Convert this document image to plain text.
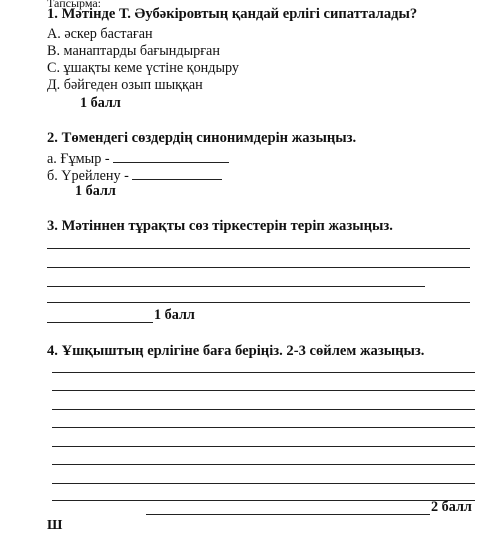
Тапсырма:
1. Мәтінде Т. Әубәкіровтың қандай ерлігі сипатталады?
А. әскер бастаған
В. манаптарды бағындырған
С. ұшақты кеме үстіне қондыру
Д. бәйгеден озып шыққан
1 балл
2. Төмендегі сөздердің синонимдерін жазыңыз.
а. Ғұмыр -
б. Үрейлену -
1 балл
3. Мәтіннен тұрақты сөз тіркестерін теріп жазыңыз.
1 балл
4. Ұшқыштың ерлігіне баға беріңіз. 2-3 сөйлем жазыңыз.
2 балл
Ш
